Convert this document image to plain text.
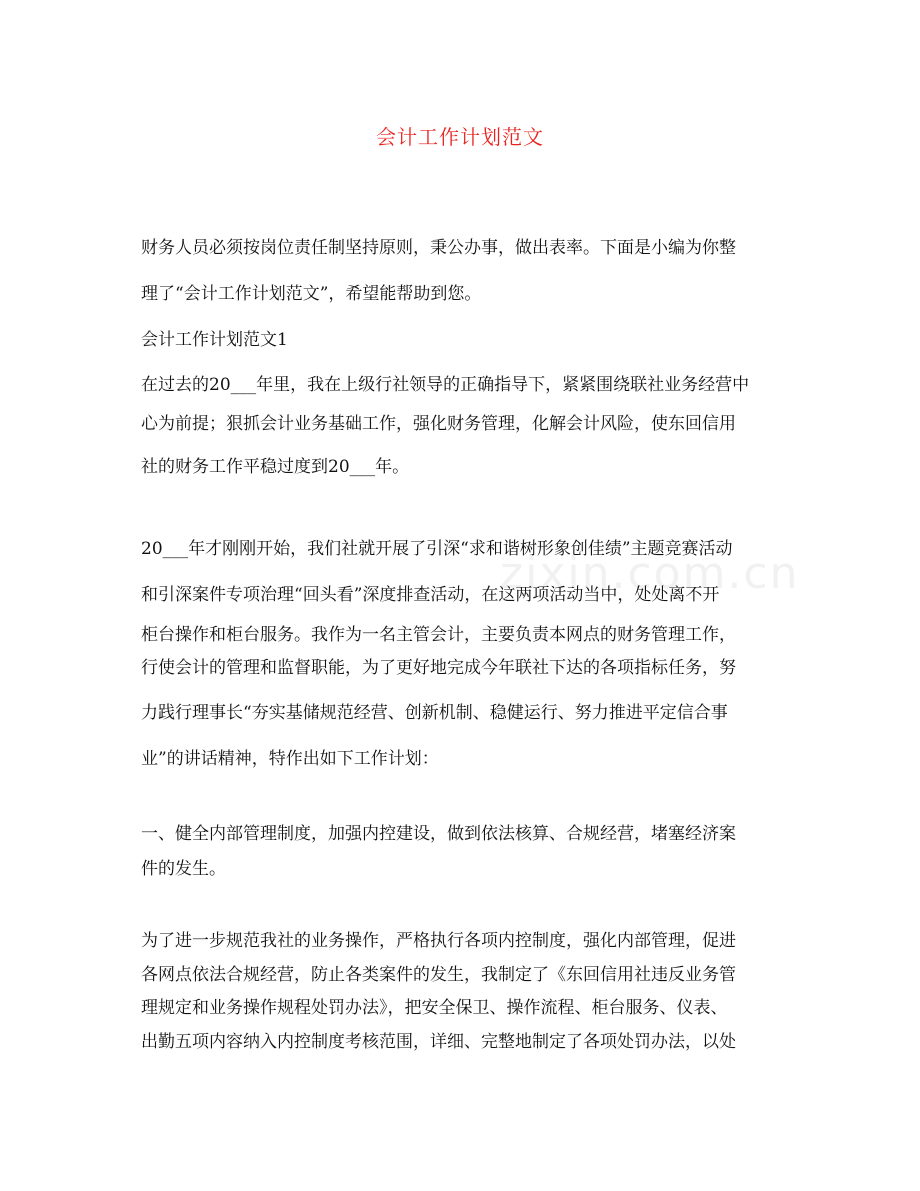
会计工作计划范文
zixin.com.cn
财务人员必须按岗位责任制坚持原则，秉公办事，做出表率。下面是小编为你整
理了“会计工作计划范文”，希望能帮助到您。
会计工作计划范文1
在过去的20___年里，我在上级行社领导的正确指导下，紧紧围绕联社业务经营中
心为前提；狠抓会计业务基础工作，强化财务管理，化解会计风险，使东回信用
社的财务工作平稳过度到20___年。
20___年才刚刚开始，我们社就开展了引深“求和谐树形象创佳绩”主题竞赛活动
和引深案件专项治理“回头看”深度排查活动，在这两项活动当中，处处离不开
柜台操作和柜台服务。我作为一名主管会计，主要负责本网点的财务管理工作，
行使会计的管理和监督职能，为了更好地完成今年联社下达的各项指标任务，努
力践行理事长“夯实基储规范经营、创新机制、稳健运行、努力推进平定信合事
业”的讲话精神，特作出如下工作计划：
一、健全内部管理制度，加强内控建设，做到依法核算、合规经营，堵塞经济案
件的发生。
为了进一步规范我社的业务操作，严格执行各项内控制度，强化内部管理，促进
各网点依法合规经营，防止各类案件的发生，我制定了《东回信用社违反业务管
理规定和业务操作规程处罚办法》，把安全保卫、操作流程、柜台服务、仪表、
出勤五项内容纳入内控制度考核范围，详细、完整地制定了各项处罚办法，以处
